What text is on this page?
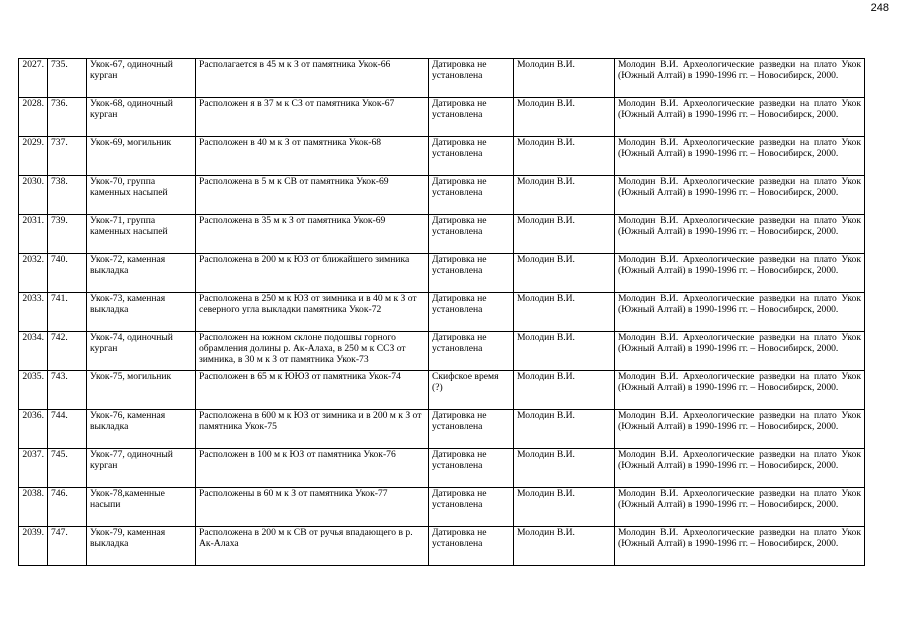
248
2027.	735.	Укок-67, одиночный курган	Располагается в 45 м к З от памятника Укок-66	Датировка не установлена	Молодин В.И.	Молодин В.И. Археологические разведки на плато Укок (Южный Алтай) в 1990-1996 гг. – Новосибирск, 2000.
2028.	736.	Укок-68, одиночный курган	Расположен я в 37 м к СЗ от памятника Укок-67	Датировка не установлена	Молодин В.И.	Молодин В.И. Археологические разведки на плато Укок (Южный Алтай) в 1990-1996 гг. – Новосибирск, 2000.
2029.	737.	Укок-69, могильник	Расположен в 40 м к З от памятника Укок-68	Датировка не установлена	Молодин В.И.	Молодин В.И. Археологические разведки на плато Укок (Южный Алтай) в 1990-1996 гг. – Новосибирск, 2000.
2030.	738.	Укок-70, группа каменных насыпей	Расположена в 5 м к СВ от памятника Укок-69	Датировка не установлена	Молодин В.И.	Молодин В.И. Археологические разведки на плато Укок (Южный Алтай) в 1990-1996 гг. – Новосибирск, 2000.
2031.	739.	Укок-71, группа каменных насыпей	Расположена в 35 м к З от памятника Укок-69	Датировка не установлена	Молодин В.И.	Молодин В.И. Археологические разведки на плато Укок (Южный Алтай) в 1990-1996 гг. – Новосибирск, 2000.
2032.	740.	Укок-72, каменная выкладка	Расположена в 200 м к ЮЗ от ближайшего зимника	Датировка не установлена	Молодин В.И.	Молодин В.И. Археологические разведки на плато Укок (Южный Алтай) в 1990-1996 гг. – Новосибирск, 2000.
2033.	741.	Укок-73, каменная выкладка	Расположена в 250 м к ЮЗ от зимника и в 40 м к З от северного угла выкладки памятника Укок-72	Датировка не установлена	Молодин В.И.	Молодин В.И. Археологические разведки на плато Укок (Южный Алтай) в 1990-1996 гг. – Новосибирск, 2000.
2034.	742.	Укок-74, одиночный курган	Расположен на южном склоне подошвы горного обрамления долины р. Ак-Алаха, в 250 м к ССЗ от зимника, в 30 м к З от памятника Укок-73	Датировка не установлена	Молодин В.И.	Молодин В.И. Археологические разведки на плато Укок (Южный Алтай) в 1990-1996 гг. – Новосибирск, 2000.
2035.	743.	Укок-75, могильник	Расположен в 65 м к ЮЮЗ от памятника Укок-74	Скифское время (?)	Молодин В.И.	Молодин В.И. Археологические разведки на плато Укок (Южный Алтай) в 1990-1996 гг. – Новосибирск, 2000.
2036.	744.	Укок-76, каменная выкладка	Расположена в 600 м к ЮЗ от зимника и в 200 м к З от памятника Укок-75	Датировка не установлена	Молодин В.И.	Молодин В.И. Археологические разведки на плато Укок (Южный Алтай) в 1990-1996 гг. – Новосибирск, 2000.
2037.	745.	Укок-77, одиночный курган	Расположен в 100 м к ЮЗ от памятника Укок-76	Датировка не установлена	Молодин В.И.	Молодин В.И. Археологические разведки на плато Укок (Южный Алтай) в 1990-1996 гг. – Новосибирск, 2000.
2038.	746.	Укок-78,каменные насыпи	Расположены в 60 м к З от памятника Укок-77	Датировка не установлена	Молодин В.И.	Молодин В.И. Археологические разведки на плато Укок (Южный Алтай) в 1990-1996 гг. – Новосибирск, 2000.
2039.	747.	Укок-79, каменная выкладка	Расположена в 200 м к СВ от ручья впадающего в р. Ак-Алаха	Датировка не установлена	Молодин В.И.	Молодин В.И. Археологические разведки на плато Укок (Южный Алтай) в 1990-1996 гг. – Новосибирск, 2000.
